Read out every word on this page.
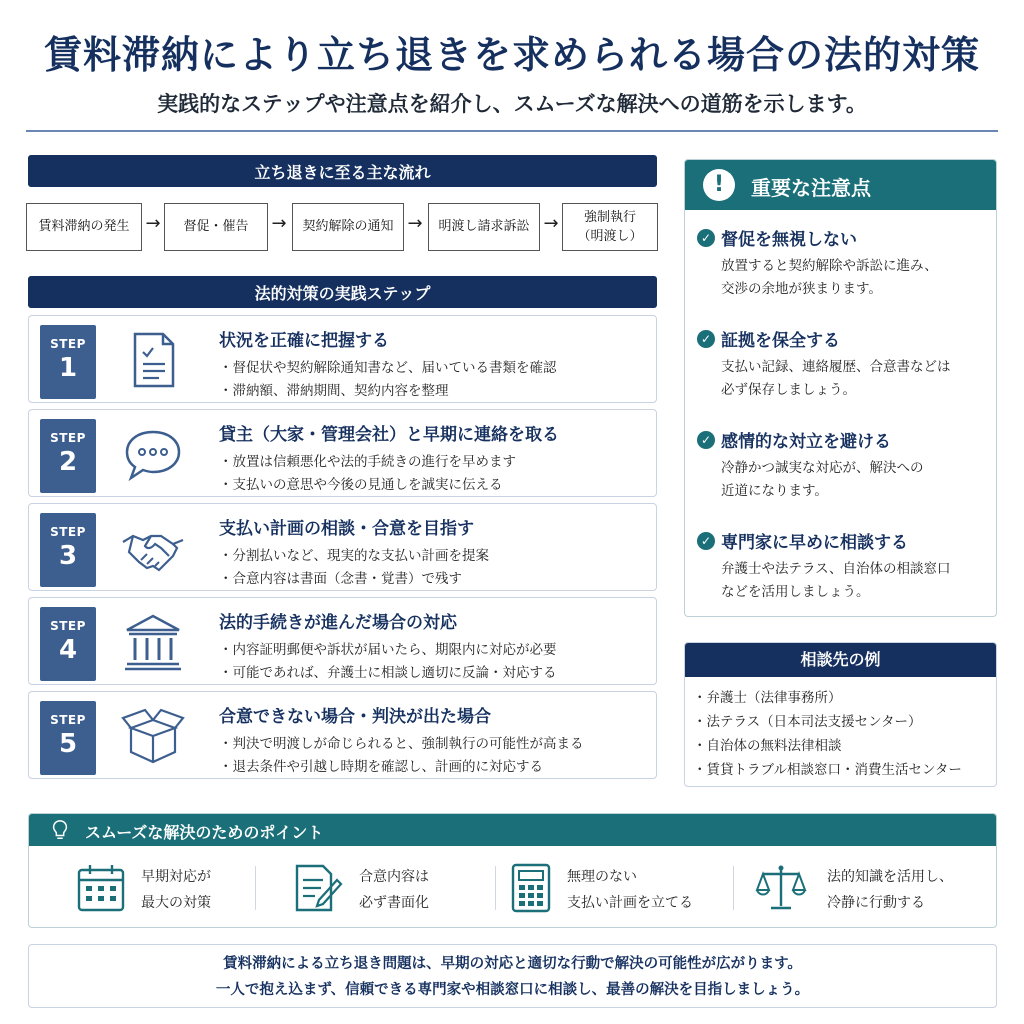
賃料滞納により立ち退きを求められる場合の法的対策
実践的なステップや注意点を紹介し、スムーズな解決への道筋を示します。
立ち退きに至る主な流れ
賃料滞納の発生 → 督促・催告 → 契約解除の通知 → 明渡し請求訴訟 →	強制執行
（明渡し）
法的対策の実践ステップ
STEP
1
状況を正確に把握する
・督促状や契約解除通知書など、届いている書類を確認
・滞納額、滞納期間、契約内容を整理
STEP
2
貸主（大家・管理会社）と早期に連絡を取る
・放置は信頼悪化や法的手続きの進行を早めます
・支払いの意思や今後の見通しを誠実に伝える
STEP
3
支払い計画の相談・合意を目指す
・分割払いなど、現実的な支払い計画を提案
・合意内容は書面（念書・覚書）で残す
STEP
4
法的手続きが進んだ場合の対応
・内容証明郵便や訴状が届いたら、期限内に対応が必要
・可能であれば、弁護士に相談し適切に反論・対応する
STEP
5
合意できない場合・判決が出た場合
・判決で明渡しが命じられると、強制執行の可能性が高まる
・退去条件や引越し時期を確認し、計画的に対応する
!	重要な注意点
✓ 督促を無視しない
放置すると契約解除や訴訟に進み、
交渉の余地が狭まります。
✓ 証拠を保全する
支払い記録、連絡履歴、合意書などは
必ず保存しましょう。
✓ 感情的な対立を避ける
冷静かつ誠実な対応が、解決への
近道になります。
✓ 専門家に早めに相談する
弁護士や法テラス、自治体の相談窓口
などを活用しましょう。
相談先の例
・弁護士（法律事務所）
・法テラス（日本司法支援センター）
・自治体の無料法律相談
・賃貸トラブル相談窓口・消費生活センター
スムーズな解決のためのポイント
早期対応が
最大の対策
合意内容は
必ず書面化
無理のない
支払い計画を立てる
法的知識を活用し、
冷静に行動する
賃料滞納による立ち退き問題は、早期の対応と適切な行動で解決の可能性が広がります。
一人で抱え込まず、信頼できる専門家や相談窓口に相談し、最善の解決を目指しましょう。
